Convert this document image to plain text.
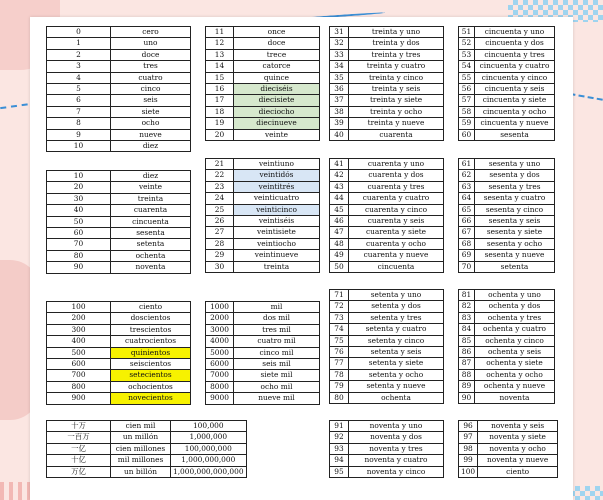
0	cero
1	uno
2	doce
3	tres
4	cuatro
5	cinco
6	seis
7	siete
8	ocho
9	nueve
10	diez
11	once
12	doce
13	trece
14	catorce
15	quince
16	dieciséis
17	diecisiete
18	dieciocho
19	diecinueve
20	veinte
31	treinta y uno
32	treinta y dos
33	treinta y tres
34	treinta y cuatro
35	treinta y cinco
36	treinta y seis
37	treinta y siete
38	treinta y ocho
39	treinta y nueve
40	cuarenta
51	cincuenta y uno
52	cincuenta y dos
53	cincuenta y tres
54	cincuenta y cuatro
55	cincuenta y cinco
56	cincuenta y seis
57	cincuenta y siete
58	cincuenta y ocho
59	cincuenta y nueve
60	sesenta
10	diez
20	veinte
30	treinta
40	cuarenta
50	cincuenta
60	sesenta
70	setenta
80	ochenta
90	noventa
21	veintiuno
22	veintidós
23	veintitrés
24	veinticuatro
25	veinticinco
26	veintiséis
27	veintisiete
28	veintiocho
29	veintinueve
30	treinta
41	cuarenta y uno
42	cuarenta y dos
43	cuarenta y tres
44	cuarenta y cuatro
45	cuarenta y cinco
46	cuarenta y seis
47	cuarenta y siete
48	cuarenta y ocho
49	cuarenta y nueve
50	cincuenta
61	sesenta y uno
62	sesenta y dos
63	sesenta y tres
64	sesenta y cuatro
65	sesenta y cinco
66	sesenta y seis
67	sesenta y siete
68	sesenta y ocho
69	sesenta y nueve
70	setenta
100	ciento
200	doscientos
300	trescientos
400	cuatrocientos
500	quinientos
600	seiscientos
700	setecientos
800	ochocientos
900	novecientos
1000	mil
2000	dos mil
3000	tres mil
4000	cuatro mil
5000	cinco mil
6000	seis mil
7000	siete mil
8000	ocho mil
9000	nueve mil
71	setenta y uno
72	setenta y dos
73	setenta y tres
74	setenta y cuatro
75	setenta y cinco
76	setenta y seis
77	setenta y siete
78	setenta y ocho
79	setenta y nueve
80	ochenta
81	ochenta y uno
82	ochenta y dos
83	ochenta y tres
84	ochenta y cuatro
85	ochenta y cinco
86	ochenta y seis
87	ochenta y siete
88	ochenta y ocho
89	ochenta y nueve
90	noventa
十万	cien mil	100,000
一百万	un millón	1,000,000
一亿	cien millones	100,000,000
十亿	mil millones	1,000,000,000
万亿	un billón	1,000,000,000,000
91	noventa y uno
92	noventa y dos
93	noventa y tres
94	noventa y cuatro
95	noventa y cinco
96	noventa y seis
97	noventa y siete
98	noventa y ocho
99	noventa y nueve
100	ciento
